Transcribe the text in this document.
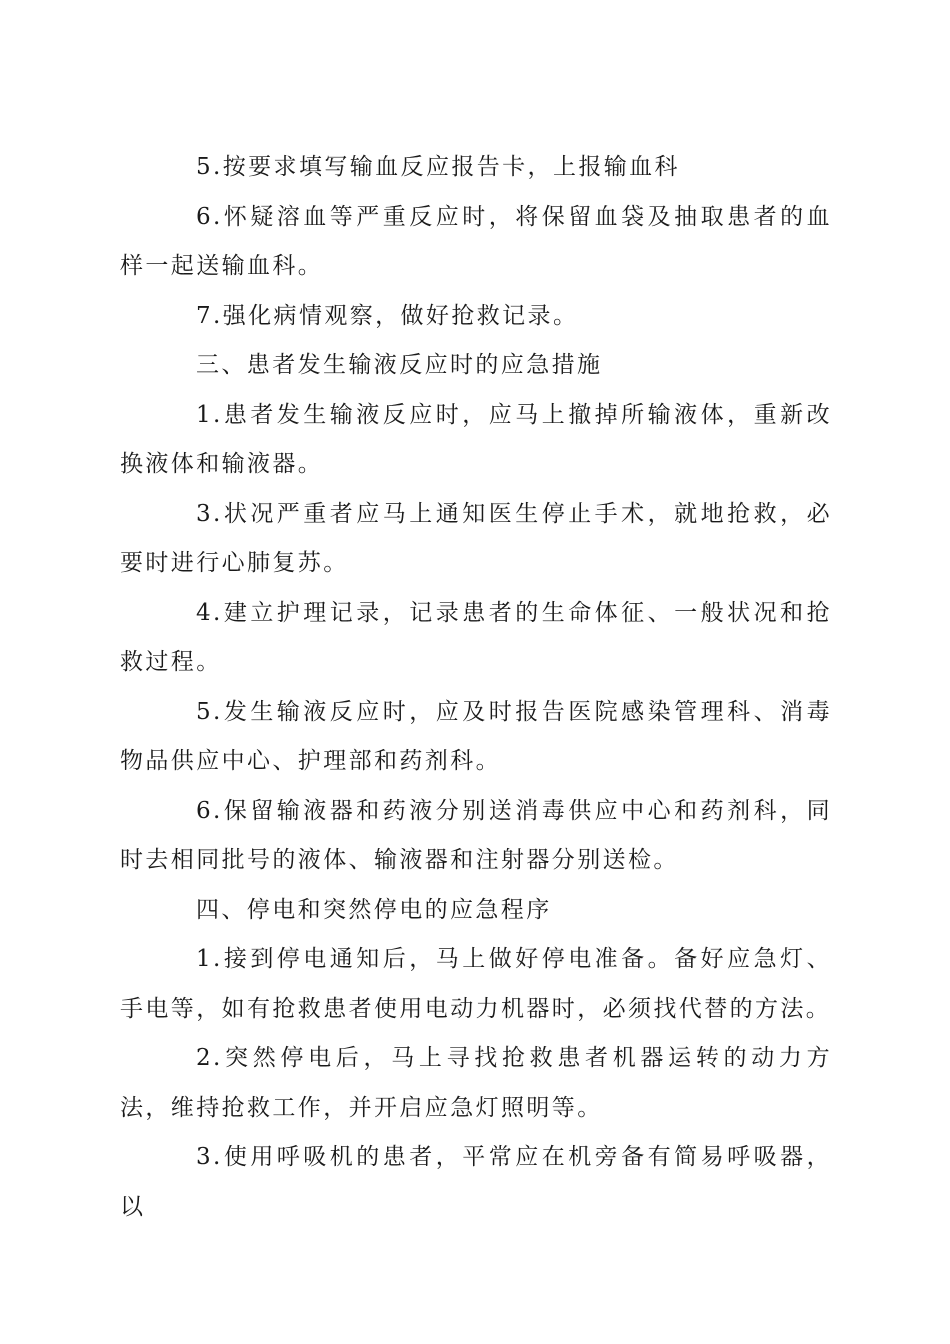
5.按要求填写输血反应报告卡，上报输血科

6.怀疑溶血等严重反应时，将保留血袋及抽取患者的血样一起送输血科。

7.强化病情观察，做好抢救记录。

三、患者发生输液反应时的应急措施

1.患者发生输液反应时，应马上撤掉所输液体，重新改换液体和输液器。

3.状况严重者应马上通知医生停止手术，就地抢救，必要时进行心肺复苏。

4.建立护理记录，记录患者的生命体征、一般状况和抢救过程。

5.发生输液反应时，应及时报告医院感染管理科、消毒物品供应中心、护理部和药剂科。

6.保留输液器和药液分别送消毒供应中心和药剂科，同时去相同批号的液体、输液器和注射器分别送检。

四、停电和突然停电的应急程序

1.接到停电通知后，马上做好停电准备。备好应急灯、手电等，如有抢救患者使用电动力机器时，必须找代替的方法。

2.突然停电后，马上寻找抢救患者机器运转的动力方法，维持抢救工作，并开启应急灯照明等。

3.使用呼吸机的患者，平常应在机旁备有简易呼吸器，以
